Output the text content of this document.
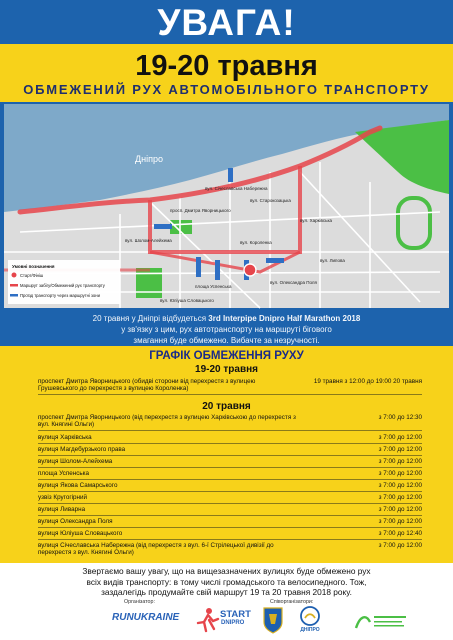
УВАГА!
19-20 травня
ОБМЕЖЕНИЙ РУХ АВТОМОБІЛЬНОГО ТРАНСПОРТУ
Дніпро
вул. Січеславська Набережна
просп. Дмитра Яворницького
вул. Старокозацька
вул. Харківська
вул. Шолом-Алейхема	вул. Короленка
вул. Липова
площа Успенська
вул. Олександра Поля
вул. Юліуша Словацького
Умовні позначення
Старт/Фініш
Маршрут забігу/Обмежений рух транспорту
Проїзд транспорту через маршрутні зони
20 травня у Дніпрі відбудеться 3rd Interpipe Dnipro Half Marathon 2018
у зв'язку з цим, рух автотранспорту на маршруті бігового
змагання буде обмежено. Вибачте за незручності.
ГРАФІК ОБМЕЖЕННЯ РУХУ
19-20 травня
проспект Дмитра Яворницького (обидві сторони від перехрестя з вулицею Грушевського до перехрестя з вулицею Короленка)
19 травня з 12:00 до 19:00 20 травня
20 травня
проспект Дмитра Яворницького (від перехрестя з вулицею Харківською до перехрестя з вул. Княгині Ольги)
з 7:00 до 12:30
вулиця Харківська	з 7:00 до 12:00
вулиця Магдебурзького права	з 7:00 до 12:00
вулиця Шолом-Алейхема	з 7:00 до 12:00
площа Успенська	з 7:00 до 12:00
вулиця Якова Самарського	з 7:00 до 12:00
узвіз Кругогірний	з 7:00 до 12:00
вулиця Ливарна	з 7:00 до 12:00
вулиця Олександра Поля	з 7:00 до 12:00
вулиця Юліуша Словацького	з 7:00 до 12:40
вулиця Січеславська Набережна (від перехрестя з вул. 6-ї Стрілецької дивізії до перехрестя з вул. Княгині Ольги)
з 7:00 до 12:00
Звертаємо вашу увагу, що на вищезазначених вулицях буде обмежено рух
всіх видів транспорту: в тому числі громадського та велосипедного. Тож,
заздалегідь продумайте свій маршрут 19 та 20 травня 2018 року.
Організатор:	Співорганізатори:
RUNUKRAINE	START
DNIPRO
ДНІПРО
